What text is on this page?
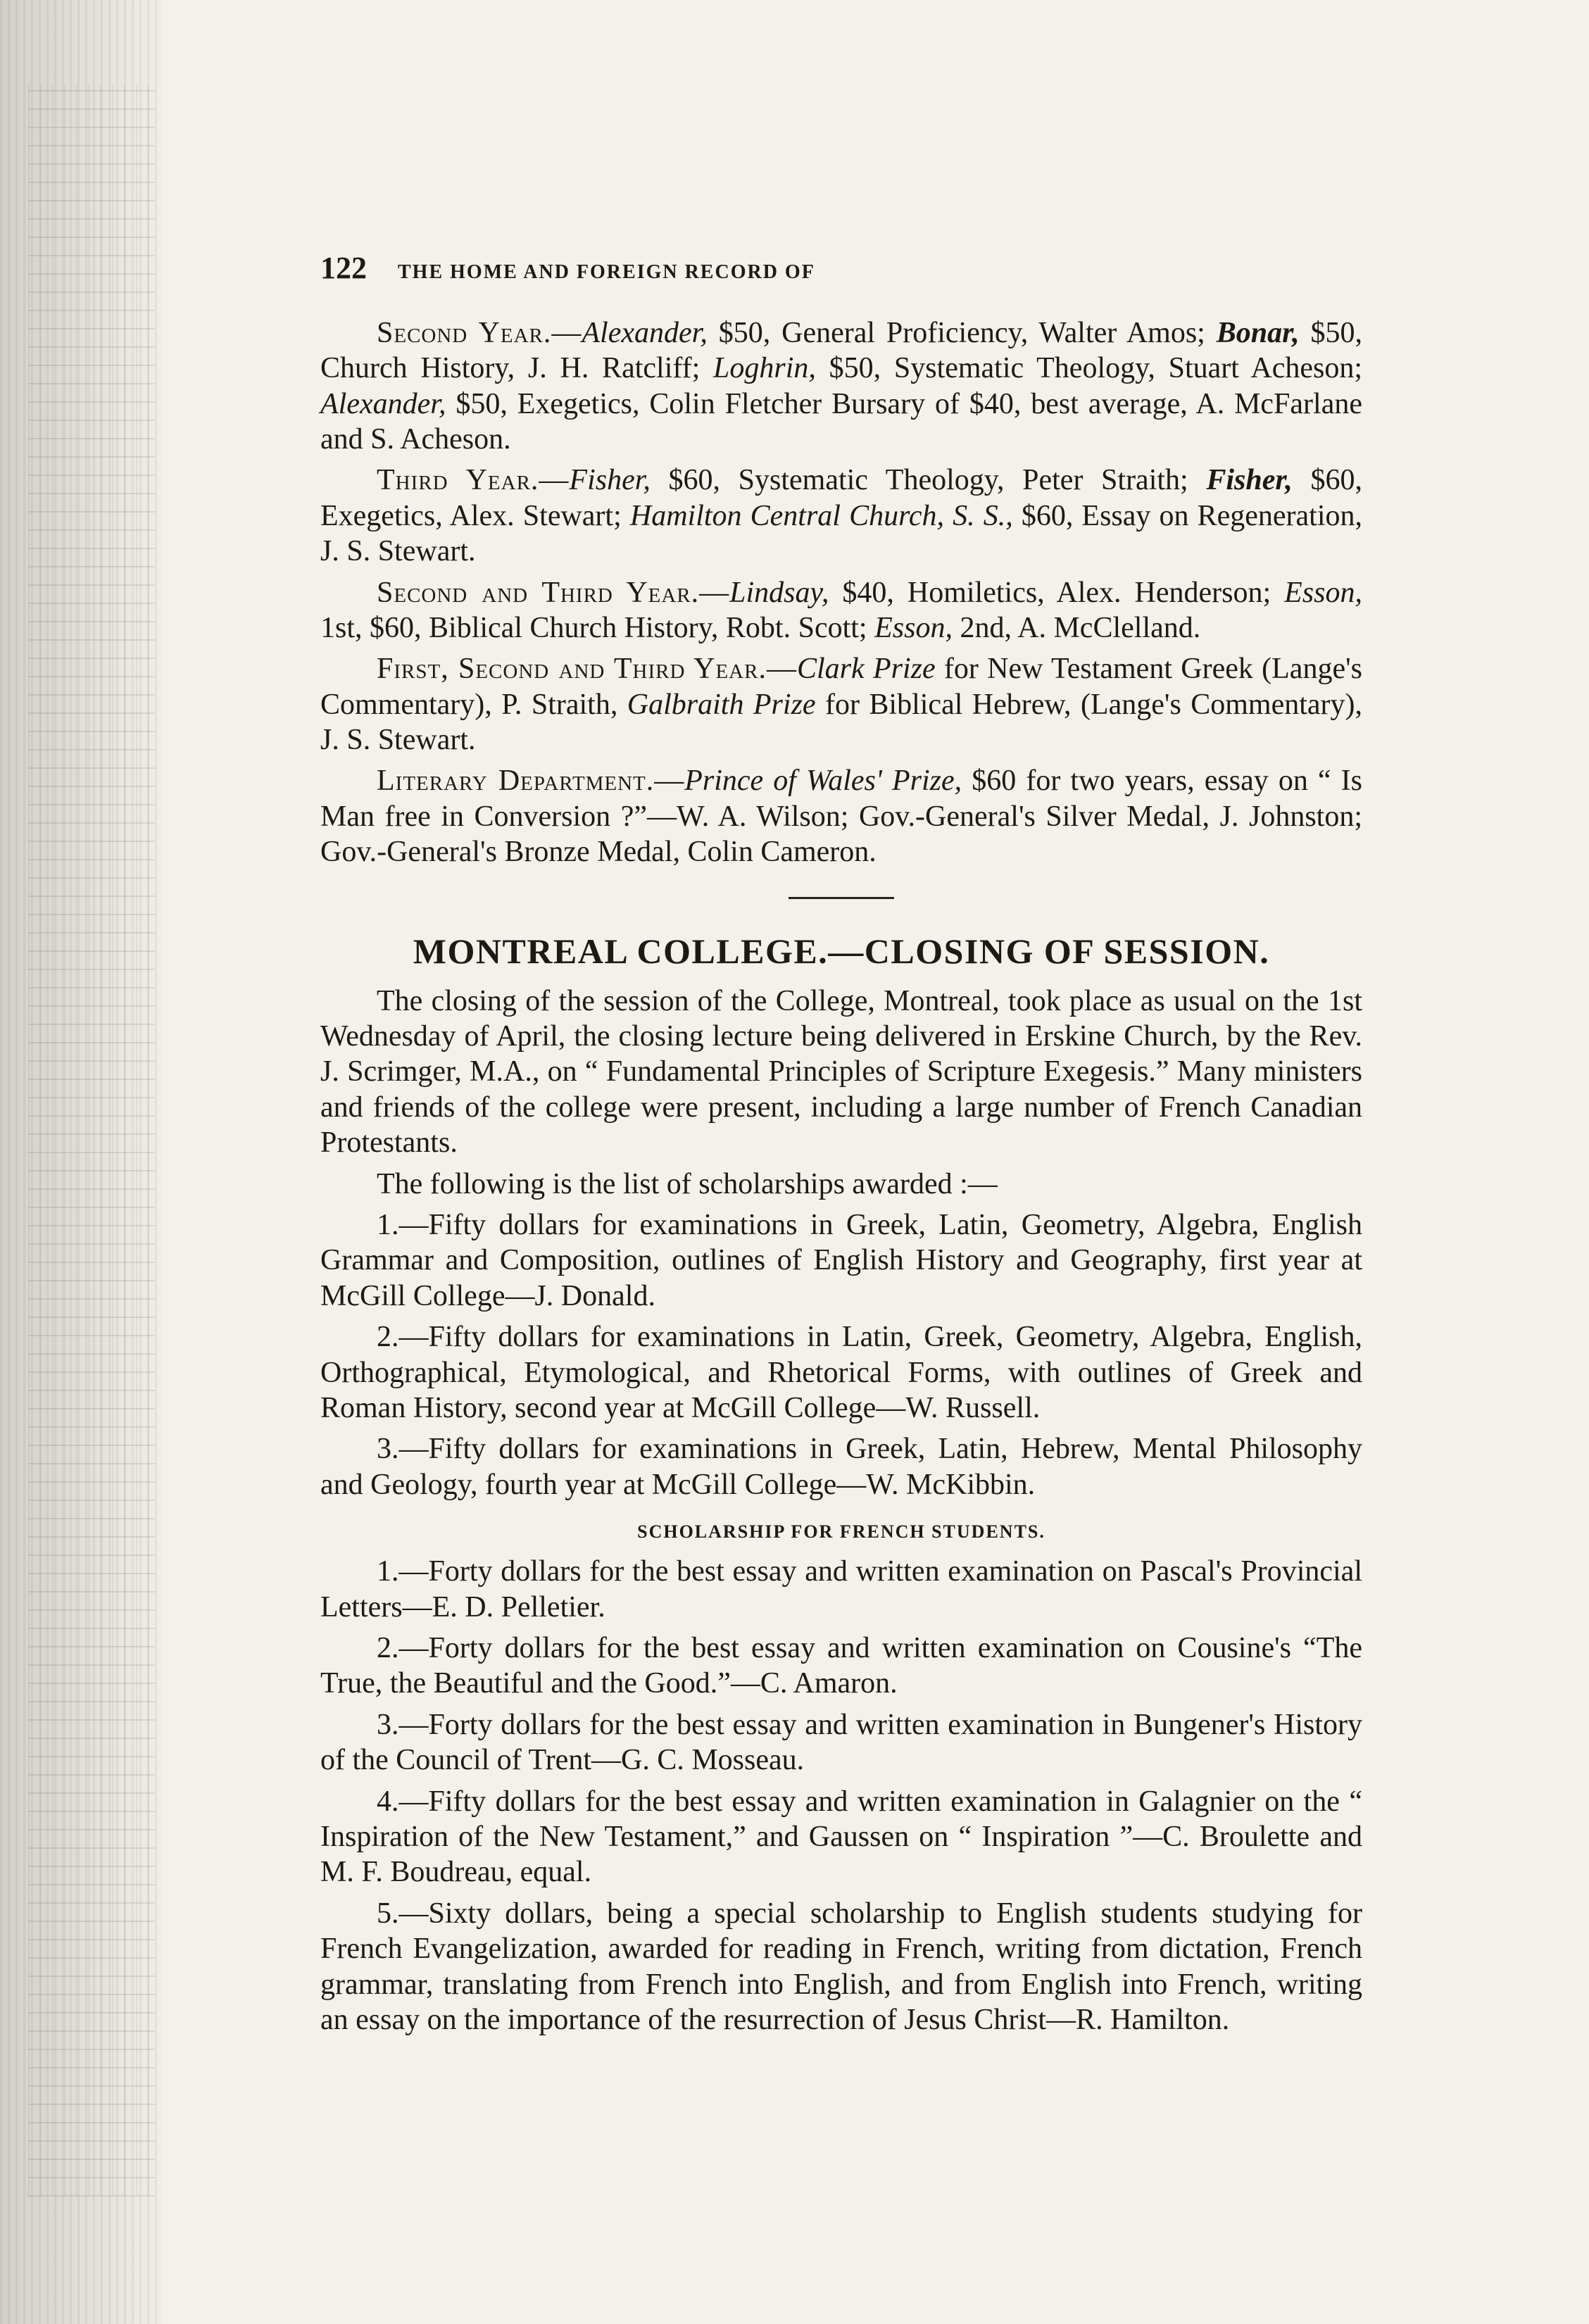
122	THE HOME AND FOREIGN RECORD OF

Second Year.—Alexander, $50, General Proficiency, Walter Amos; Bonar, $50, Church History, J. H. Ratcliff; Loghrin, $50, Systematic Theology, Stuart Acheson; Alexander, $50, Exegetics, Colin Fletcher Bursary of $40, best average, A. McFarlane and S. Acheson.

Third Year.—Fisher, $60, Systematic Theology, Peter Straith; Fisher, $60, Exegetics, Alex. Stewart; Hamilton Central Church, S. S., $60, Essay on Regeneration, J. S. Stewart.

Second and Third Year.—Lindsay, $40, Homiletics, Alex. Henderson; Esson, 1st, $60, Biblical Church History, Robt. Scott; Esson, 2nd, A. McClelland.

First, Second and Third Year.—Clark Prize for New Testament Greek (Lange's Commentary), P. Straith, Galbraith Prize for Biblical Hebrew, (Lange's Commentary), J. S. Stewart.

Literary Department.—Prince of Wales' Prize, $60 for two years, essay on “ Is Man free in Conversion ?”—W. A. Wilson; Gov.-General's Silver Medal, J. Johnston; Gov.-General's Bronze Medal, Colin Cameron.

MONTREAL COLLEGE.—CLOSING OF SESSION.

The closing of the session of the College, Montreal, took place as usual on the 1st Wednesday of April, the closing lecture being delivered in Erskine Church, by the Rev. J. Scrimger, M.A., on “ Fundamental Principles of Scripture Exegesis.” Many ministers and friends of the college were present, including a large number of French Canadian Protestants.

The following is the list of scholarships awarded :—

1.—Fifty dollars for examinations in Greek, Latin, Geometry, Algebra, English Grammar and Composition, outlines of English History and Geography, first year at McGill College—J. Donald.

2.—Fifty dollars for examinations in Latin, Greek, Geometry, Algebra, English, Orthographical, Etymological, and Rhetorical Forms, with outlines of Greek and Roman History, second year at McGill College—W. Russell.

3.—Fifty dollars for examinations in Greek, Latin, Hebrew, Mental Philosophy and Geology, fourth year at McGill College—W. McKibbin.

SCHOLARSHIP FOR FRENCH STUDENTS.

1.—Forty dollars for the best essay and written examination on Pascal's Provincial Letters—E. D. Pelletier.

2.—Forty dollars for the best essay and written examination on Cousine's “The True, the Beautiful and the Good.”—C. Amaron.

3.—Forty dollars for the best essay and written examination in Bungener's History of the Council of Trent—G. C. Mosseau.

4.—Fifty dollars for the best essay and written examination in Galagnier on the “ Inspiration of the New Testament,” and Gaussen on “ Inspiration ”—C. Broulette and M. F. Boudreau, equal.

5.—Sixty dollars, being a special scholarship to English students studying for French Evangelization, awarded for reading in French, writing from dictation, French grammar, translating from French into English, and from English into French, writing an essay on the importance of the resurrection of Jesus Christ—R. Hamilton.
